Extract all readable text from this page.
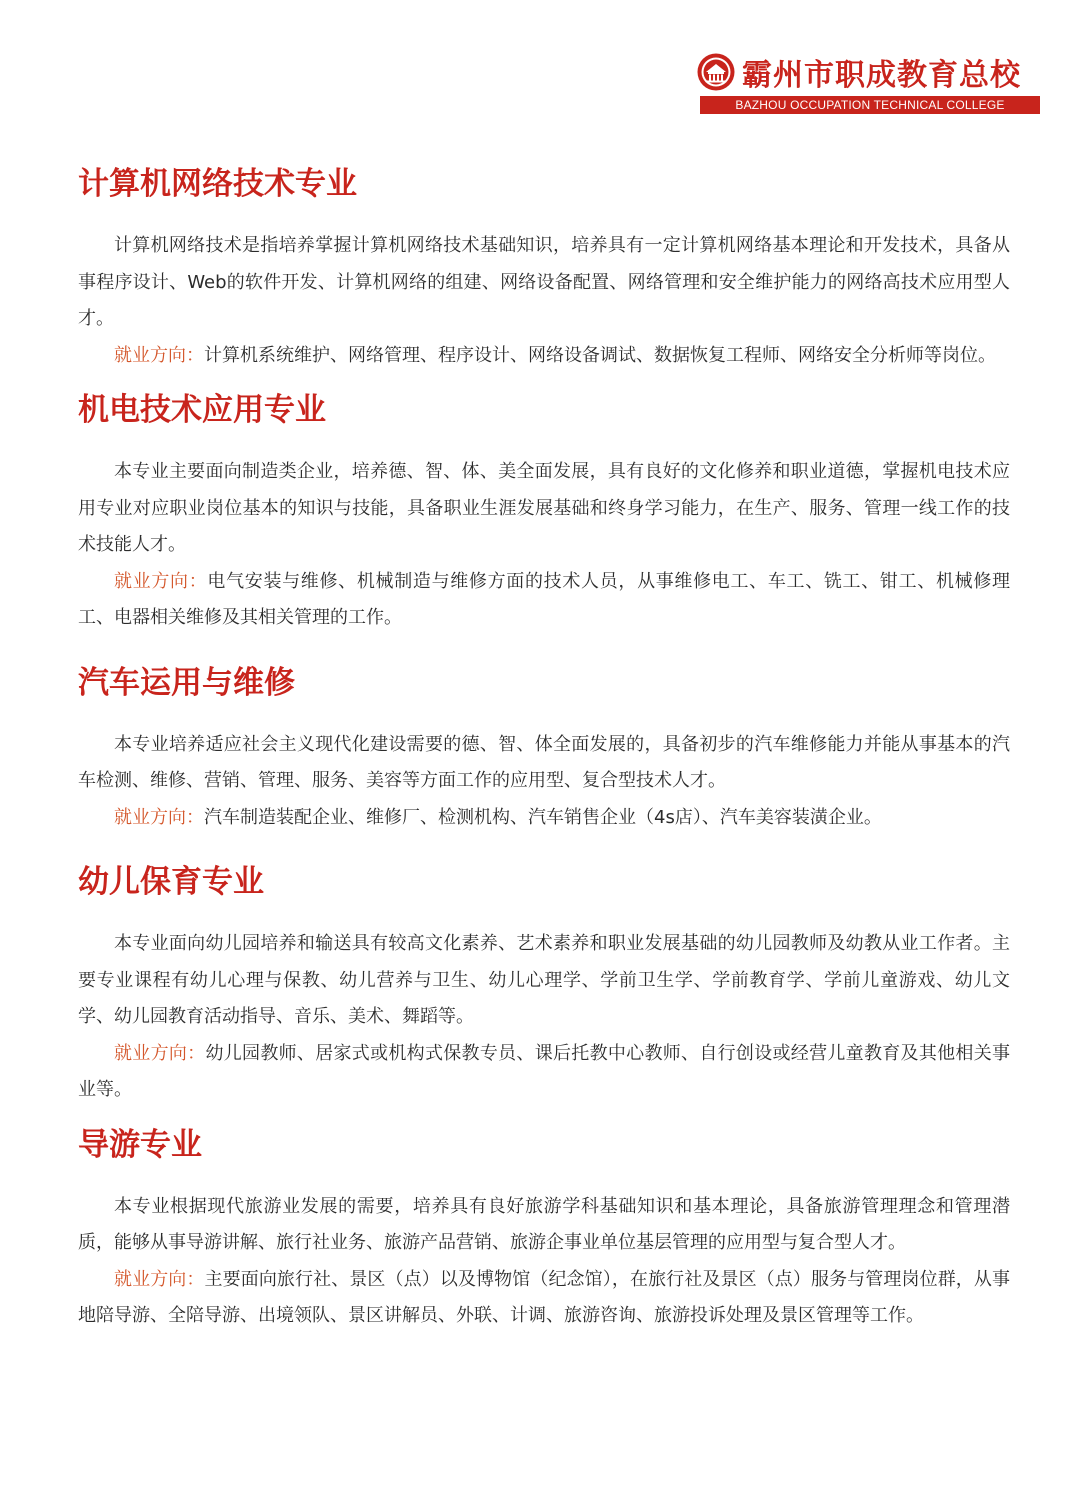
霸州市职成教育总校
BAZHOU OCCUPATION TECHNICAL COLLEGE
计算机网络技术专业

计算机网络技术是指培养掌握计算机网络技术基础知识，培养具有一定计算机网络基本理论和开发技术，具备从事程序设计、Web的软件开发、计算机网络的组建、网络设备配置、网络管理和安全维护能力的网络高技术应用型人才。

就业方向：计算机系统维护、网络管理、程序设计、网络设备调试、数据恢复工程师、网络安全分析师等岗位。

机电技术应用专业

本专业主要面向制造类企业，培养德、智、体、美全面发展，具有良好的文化修养和职业道德，掌握机电技术应用专业对应职业岗位基本的知识与技能，具备职业生涯发展基础和终身学习能力，在生产、服务、管理一线工作的技术技能人才。

就业方向：电气安装与维修、机械制造与维修方面的技术人员，从事维修电工、车工、铣工、钳工、机械修理工、电器相关维修及其相关管理的工作。

汽车运用与维修

本专业培养适应社会主义现代化建设需要的德、智、体全面发展的，具备初步的汽车维修能力并能从事基本的汽车检测、维修、营销、管理、服务、美容等方面工作的应用型、复合型技术人才。

就业方向：汽车制造装配企业、维修厂、检测机构、汽车销售企业（4s店）、汽车美容装潢企业。

幼儿保育专业

本专业面向幼儿园培养和输送具有较高文化素养、艺术素养和职业发展基础的幼儿园教师及幼教从业工作者。主要专业课程有幼儿心理与保教、幼儿营养与卫生、幼儿心理学、学前卫生学、学前教育学、学前儿童游戏、幼儿文学、幼儿园教育活动指导、音乐、美术、舞蹈等。

就业方向：幼儿园教师、居家式或机构式保教专员、课后托教中心教师、自行创设或经营儿童教育及其他相关事业等。

导游专业

本专业根据现代旅游业发展的需要，培养具有良好旅游学科基础知识和基本理论，具备旅游管理理念和管理潜质，能够从事导游讲解、旅行社业务、旅游产品营销、旅游企事业单位基层管理的应用型与复合型人才。

就业方向：主要面向旅行社、景区（点）以及博物馆（纪念馆），在旅行社及景区（点）服务与管理岗位群，从事地陪导游、全陪导游、出境领队、景区讲解员、外联、计调、旅游咨询、旅游投诉处理及景区管理等工作。
